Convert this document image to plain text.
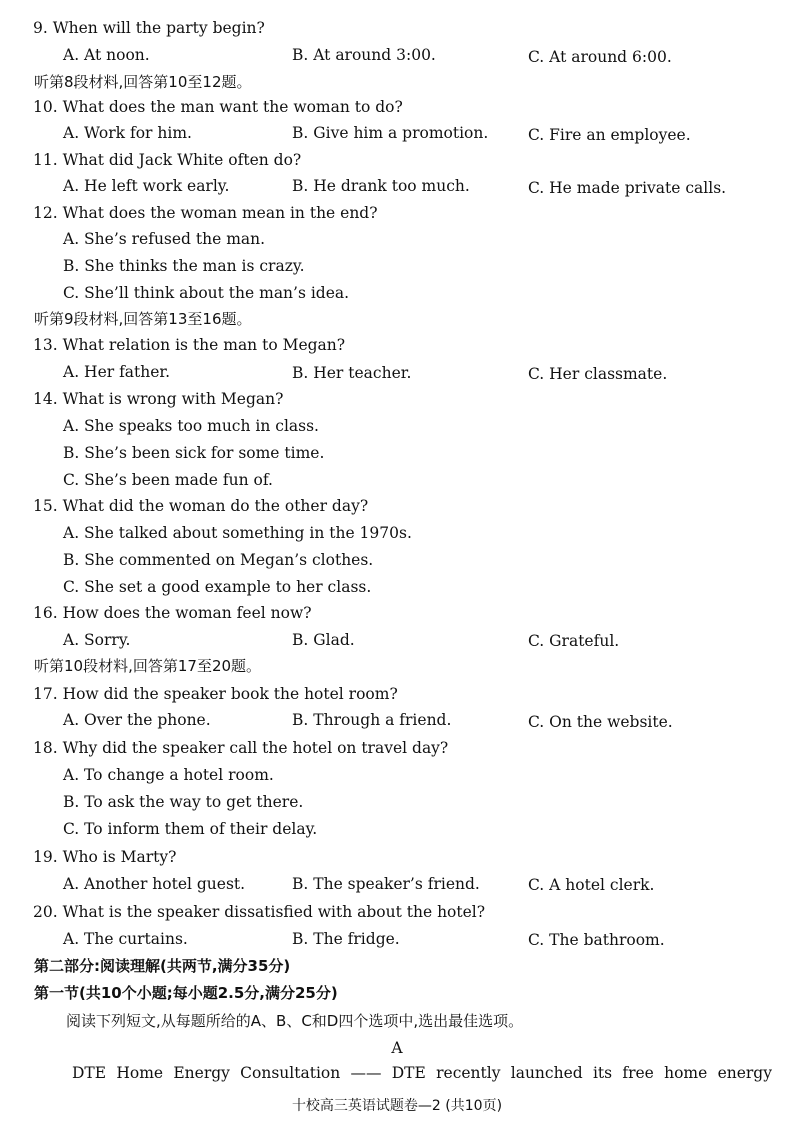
9. When will the party begin?
A. At noon.	B. At around 3:00.	C. At around 6:00.
听第8段材料,回答第10至12题。
10. What does the man want the woman to do?
A. Work for him.	B. Give him a promotion.	C. Fire an employee.
11. What did Jack White often do?
A. He left work early.	B. He drank too much.	C. He made private calls.
12. What does the woman mean in the end?
A. She’s refused the man.
B. She thinks the man is crazy.
C. She’ll think about the man’s idea.
听第9段材料,回答第13至16题。
13. What relation is the man to Megan?
A. Her father.	B. Her teacher.	C. Her classmate.
14. What is wrong with Megan?
A. She speaks too much in class.
B. She’s been sick for some time.
C. She’s been made fun of.
15. What did the woman do the other day?
A. She talked about something in the 1970s.
B. She commented on Megan’s clothes.
C. She set a good example to her class.
16. How does the woman feel now?
A. Sorry.	B. Glad.	C. Grateful.
听第10段材料,回答第17至20题。
17. How did the speaker book the hotel room?
A. Over the phone.	B. Through a friend.	C. On the website.
18. Why did the speaker call the hotel on travel day?
A. To change a hotel room.
B. To ask the way to get there.
C. To inform them of their delay.
19. Who is Marty?
A. Another hotel guest.	B. The speaker’s friend.	C. A hotel clerk.
20. What is the speaker dissatisfied with about the hotel?
A. The curtains.	B. The fridge.	C. The bathroom.
第二部分:阅读理解(共两节,满分35分)
第一节(共10个小题;每小题2.5分,满分25分)
阅读下列短文,从每题所给的A、B、C和D四个选项中,选出最佳选项。
A
DTE Home Energy Consultation —— DTE recently launched its free home energy
十校高三英语试题卷—2 (共10页)
